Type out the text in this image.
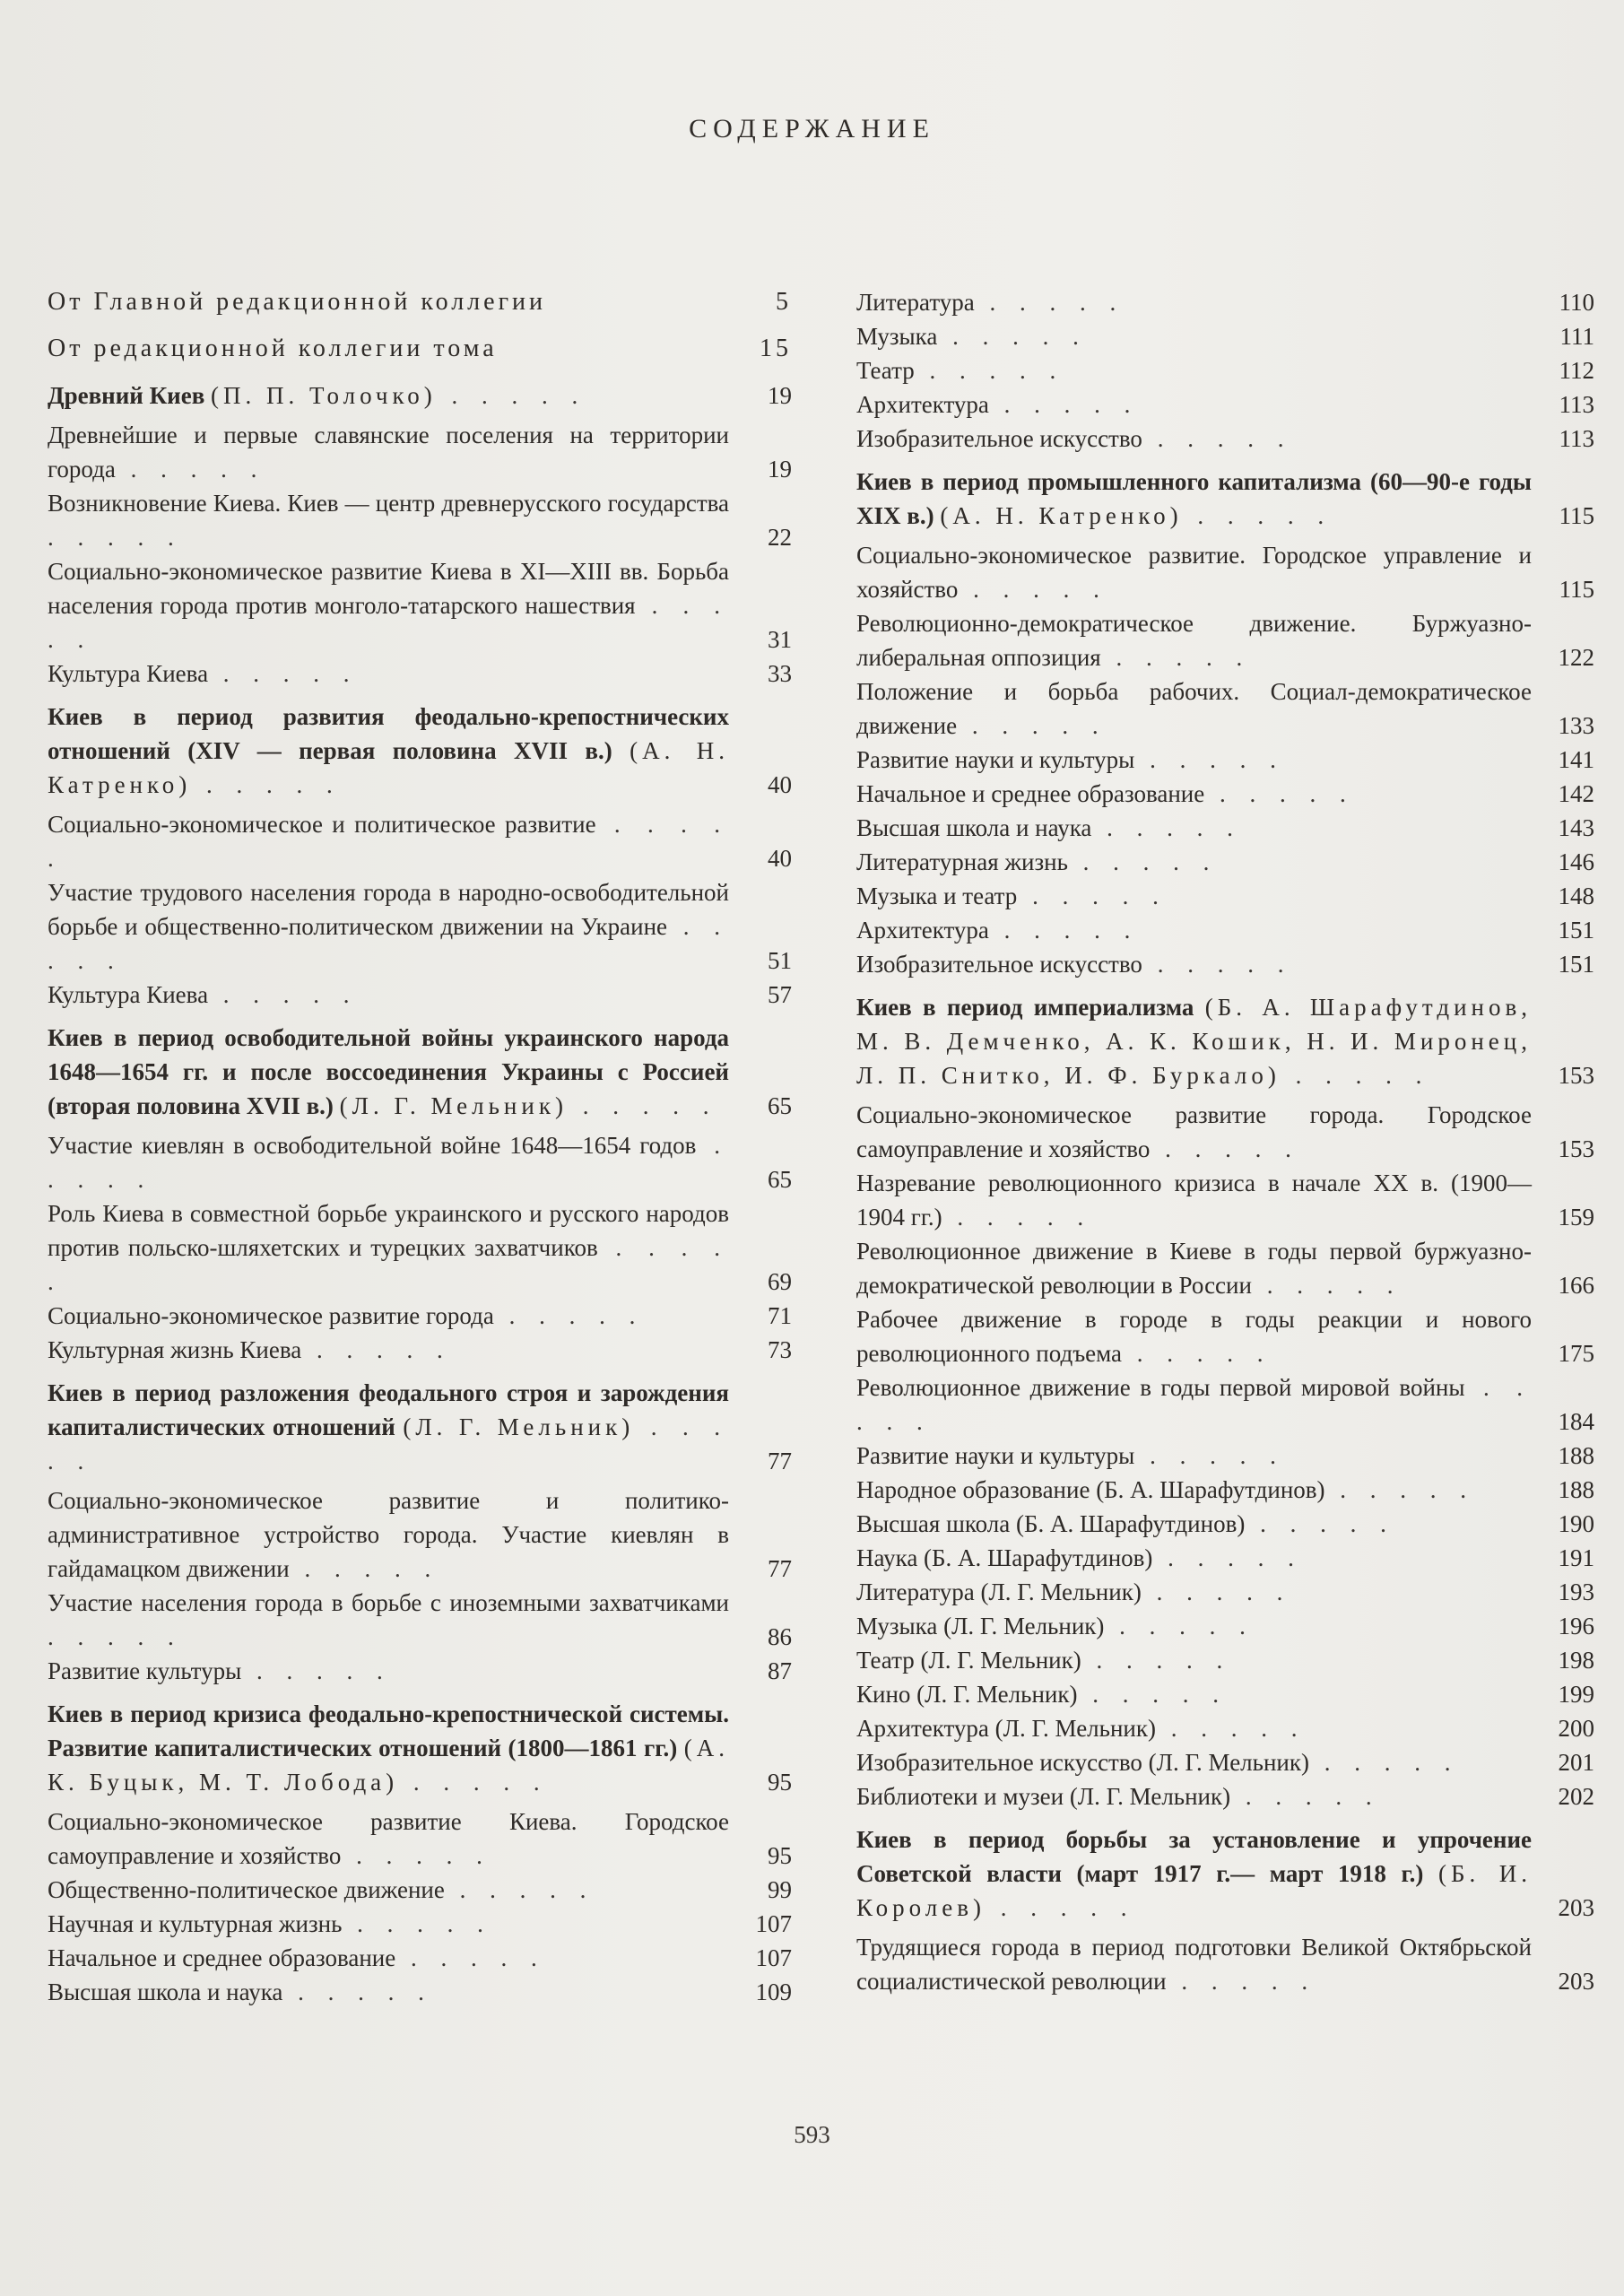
СОДЕРЖАНИЕ
От Главной редакционной коллегии	5
От редакционной коллегии тома	15
Древний Киев (П. П. Толочко) . . . . .	19
Древнейшие и первые славянские поселения на территории города . . . . .	19
Возникновение Киева. Киев — центр древнерусского государства . . . . .	22
Социально-экономическое развитие Киева в XI—XIII вв. Борьба населения города против монголо-татарского нашествия . . . . .	31
Культура Киева . . . . .	33
Киев в период развития феодально-крепостнических отношений (XIV — первая половина XVII в.) (А. Н. Катренко) . . . . .	40
Социально-экономическое и политическое развитие . . . . .	40
Участие трудового населения города в народно-освободительной борьбе и общественно-политическом движении на Украине . . . . .	51
Культура Киева . . . . .	57
Киев в период освободительной войны украинского народа 1648—1654 гг. и после воссоединения Украины с Россией (вторая половина XVII в.) (Л. Г. Мельник) . . . . .	65
Участие киевлян в освободительной войне 1648—1654 годов . . . . .	65
Роль Киева в совместной борьбе украинского и русского народов против польско-шляхетских и турецких захватчиков . . . . .	69
Социально-экономическое развитие города . . . . .	71
Культурная жизнь Киева . . . . .	73
Киев в период разложения феодального строя и зарождения капиталистических отношений (Л. Г. Мельник) . . . . .	77
Социально-экономическое развитие и политико-административное устройство города. Участие киевлян в гайдамацком движении . . . . .	77
Участие населения города в борьбе с иноземными захватчиками . . . . .	86
Развитие культуры . . . . .	87
Киев в период кризиса феодально-крепостнической системы. Развитие капиталистических отношений (1800—1861 гг.) (А. К. Буцык, М. Т. Лобода) . . . . .	95
Социально-экономическое развитие Киева. Городское самоуправление и хозяйство . . . . .	95
Общественно-политическое движение . . . . .	99
Научная и культурная жизнь . . . . .	107
Начальное и среднее образование . . . . .	107
Высшая школа и наука . . . . .	109
Литература . . . . .	110
Музыка . . . . .	111
Театр . . . . .	112
Архитектура . . . . .	113
Изобразительное искусство . . . . .	113
Киев в период промышленного капитализма (60—90-е годы XIX в.) (А. Н. Катренко) . . . . .	115
Социально-экономическое развитие. Городское управление и хозяйство . . . . .	115
Революционно-демократическое движение. Буржуазно-либеральная оппозиция . . . . .	122
Положение и борьба рабочих. Социал-демократическое движение . . . . .	133
Развитие науки и культуры . . . . .	141
Начальное и среднее образование . . . . .	142
Высшая школа и наука . . . . .	143
Литературная жизнь . . . . .	146
Музыка и театр . . . . .	148
Архитектура . . . . .	151
Изобразительное искусство . . . . .	151
Киев в период империализма (Б. А. Шарафутдинов, М. В. Демченко, А. К. Кошик, Н. И. Миронец, Л. П. Снитко, И. Ф. Буркало) . . . . .	153
Социально-экономическое развитие города. Городское самоуправление и хозяйство . . . . .	153
Назревание революционного кризиса в начале XX в. (1900—1904 гг.) . . . . .	159
Революционное движение в Киеве в годы первой буржуазно-демократической революции в России . . . . .	166
Рабочее движение в городе в годы реакции и нового революционного подъема . . . . .	175
Революционное движение в годы первой мировой войны . . . . .	184
Развитие науки и культуры . . . . .	188
Народное образование (Б. А. Шарафутдинов) . . . . .	188
Высшая школа (Б. А. Шарафутдинов) . . . . .	190
Наука (Б. А. Шарафутдинов) . . . . .	191
Литература (Л. Г. Мельник) . . . . .	193
Музыка (Л. Г. Мельник) . . . . .	196
Театр (Л. Г. Мельник) . . . . .	198
Кино (Л. Г. Мельник) . . . . .	199
Архитектура (Л. Г. Мельник) . . . . .	200
Изобразительное искусство (Л. Г. Мельник) . . . . .	201
Библиотеки и музеи (Л. Г. Мельник) . . . . .	202
Киев в период борьбы за установление и упрочение Советской власти (март 1917 г.— март 1918 г.) (Б. И. Королев) . . . . .	203
Трудящиеся города в период подготовки Великой Октябрьской социалистической революции . . . . .	203
593
